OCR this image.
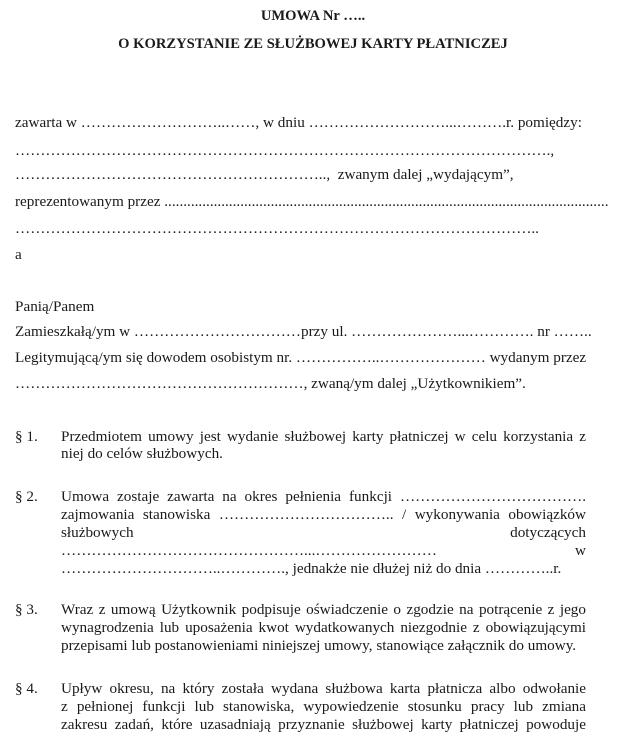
UMOWA Nr …..
O KORZYSTANIE ZE SŁUŻBOWEJ KARTY PŁATNICZEJ
zawarta w ………………………..……, w dniu ………………………...……….r. pomiędzy:
…………………………………………………………………………………………….,
……………………………………………………..,  zwanym dalej „wydającym”,
reprezentowanym przez .....................................................................................................................
…………………………………………………………………………………………..
a
Panią/Panem
Zamieszkałą/ym w ……………………………przy ul. …………………...…………. nr ……..
Legitymującą/ym się dowodem osobistym nr. ……………..………………… wydanym przez
…………………………………………………, zwaną/ym dalej „Użytkownikiem”.
§ 1. Przedmiotem umowy jest wydanie służbowej karty płatniczej w celu korzystania z
niej do celów służbowych.
§ 2. Umowa zostaje zawarta na okres pełnienia funkcji ……………………………….
zajmowania stanowiska …………………………….. / wykonywania obowiązków
służbowych dotyczących
…………………………………………...…………………… w
…………………………..…………., jednakże nie dłużej niż do dnia …………..r.
§ 3. Wraz z umową Użytkownik podpisuje oświadczenie o zgodzie na potrącenie z jego
wynagrodzenia lub uposażenia kwot wydatkowanych niezgodnie z obowiązującymi
przepisami lub postanowieniami niniejszej umowy, stanowiące załącznik do umowy.
§ 4. Upływ okresu, na który została wydana służbowa karta płatnicza albo odwołanie
z pełnionej funkcji lub stanowiska, wypowiedzenie stosunku pracy lub zmiana
zakresu zadań, które uzasadniają przyznanie służbowej karty płatniczej powoduje
